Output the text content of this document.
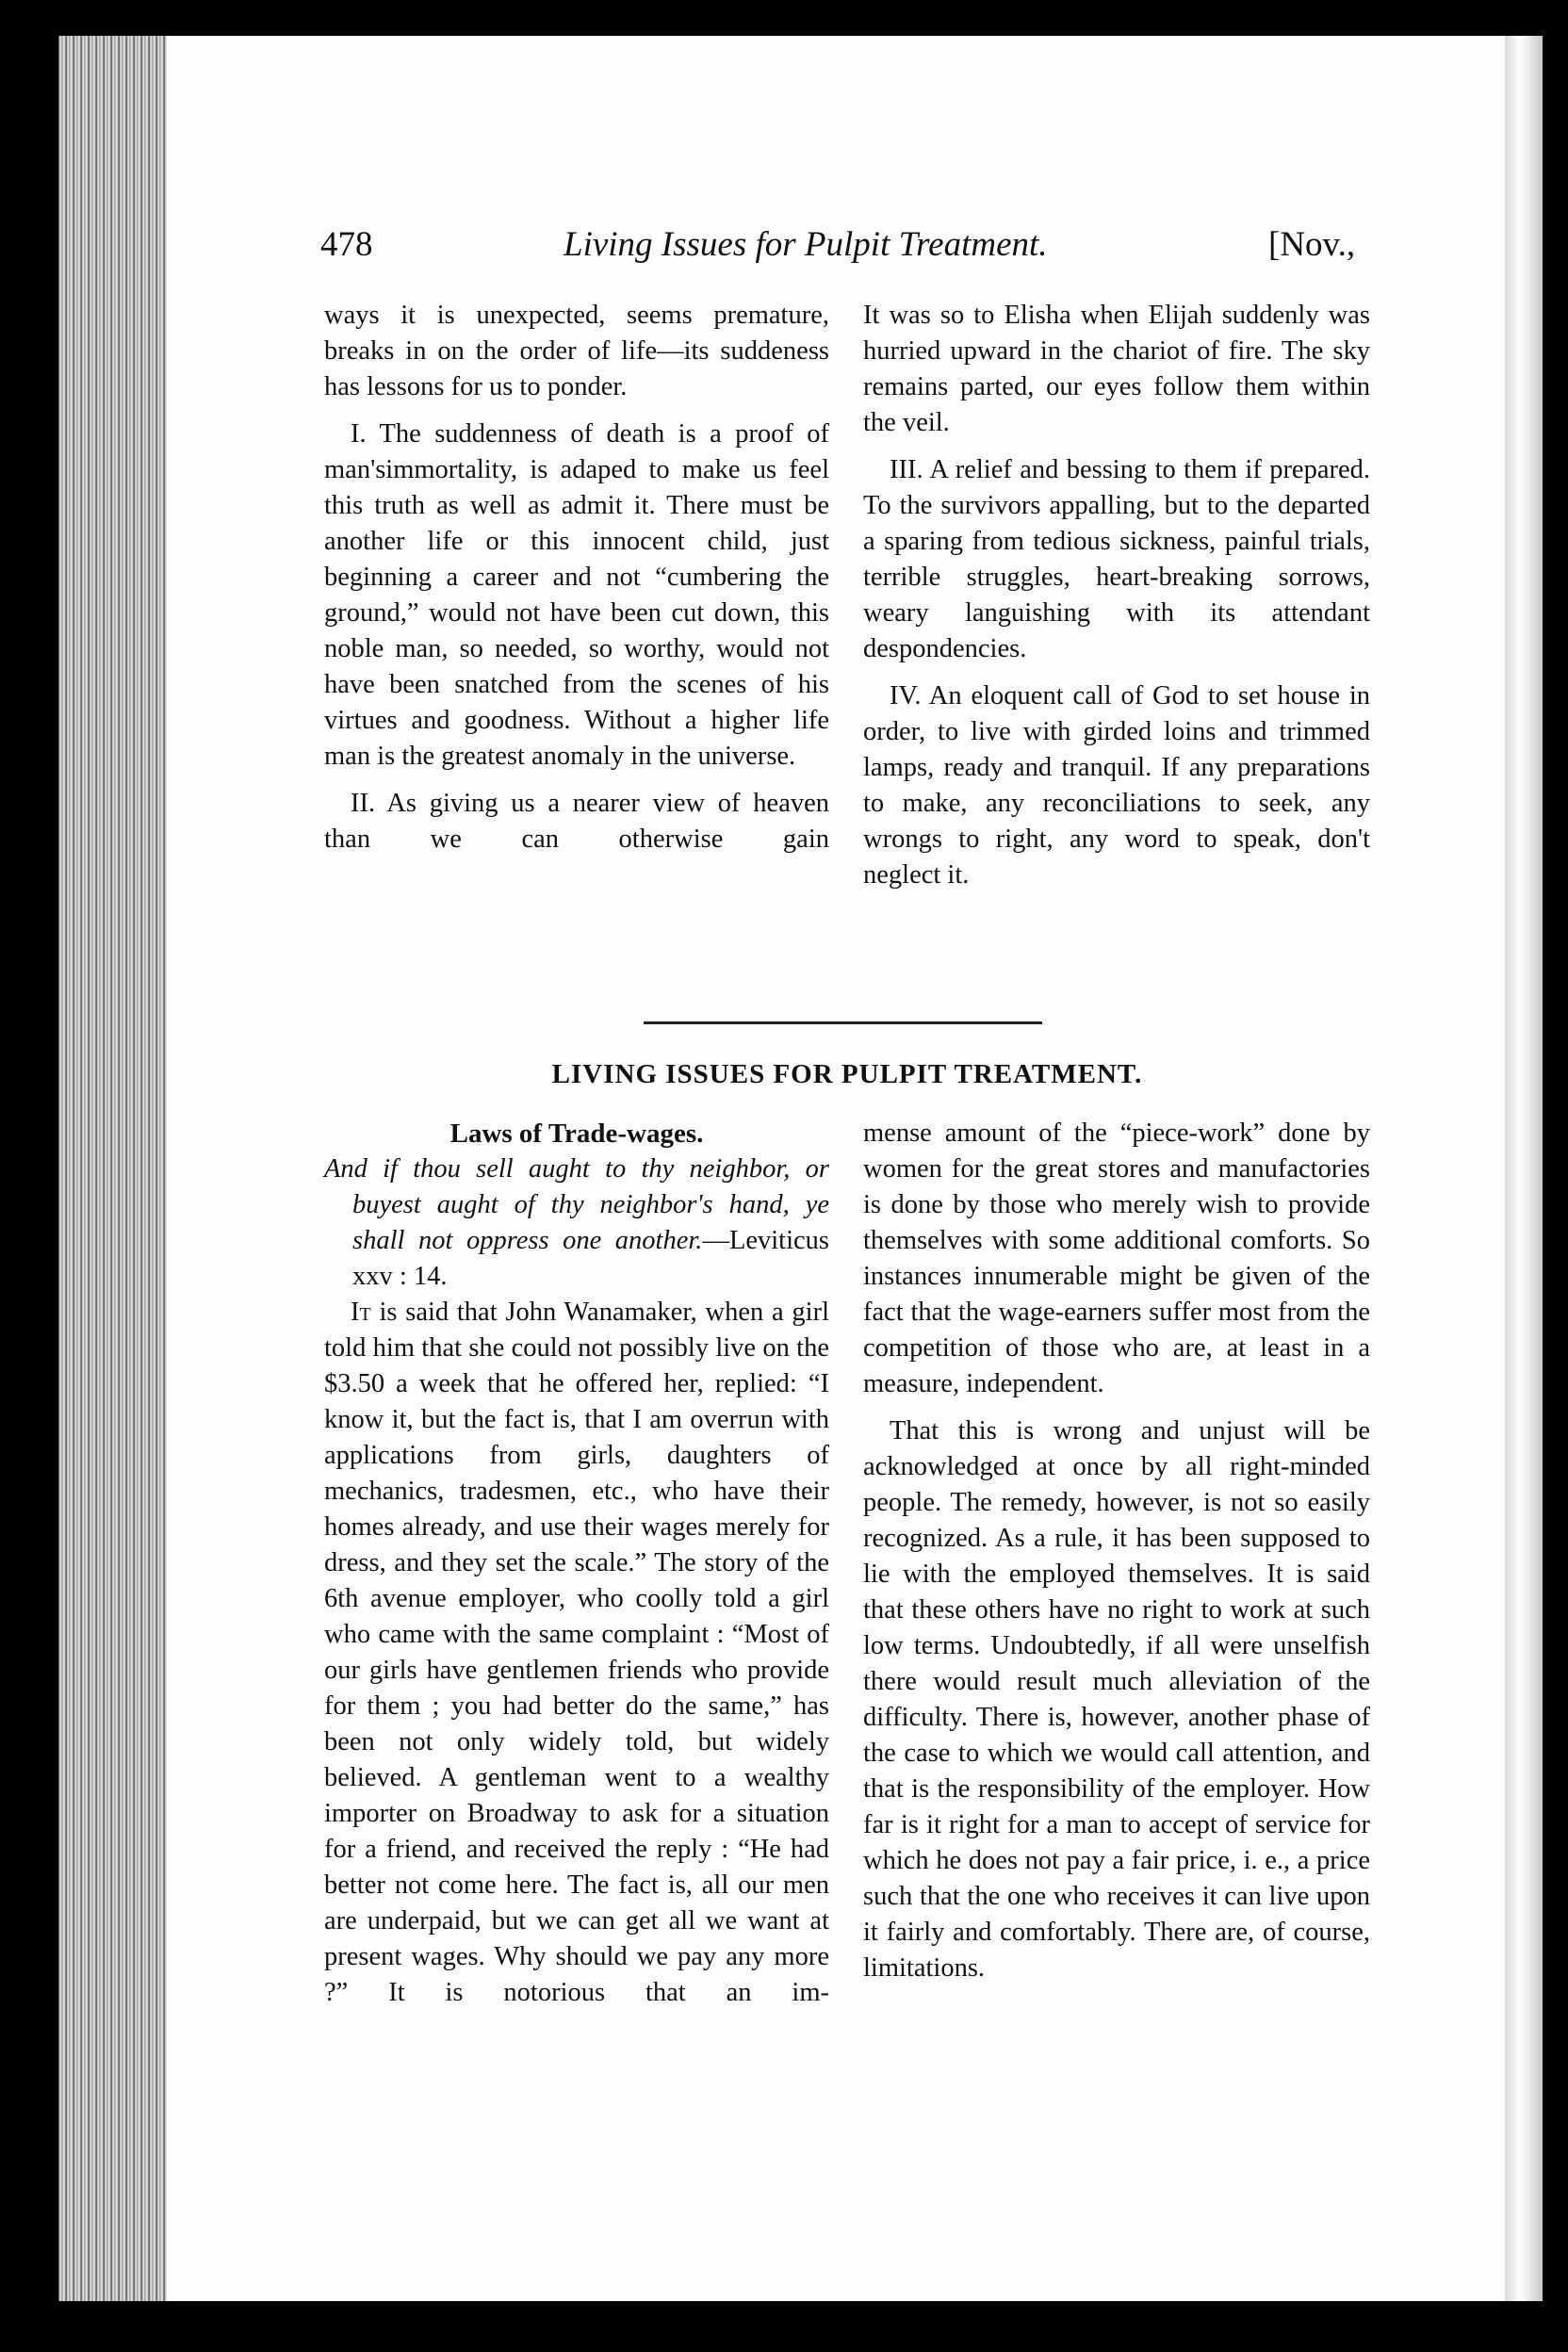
478	Living Issues for Pulpit Treatment.	[Nov.,

ways it is unexpected, seems premature, breaks in on the order of life—its suddeness has lessons for us to ponder.

I. The suddenness of death is a proof of man'simmortality, is adaped to make us feel this truth as well as admit it. There must be another life or this innocent child, just beginning a career and not “cumbering the ground,” would not have been cut down, this noble man, so needed, so worthy, would not have been snatched from the scenes of his virtues and goodness. Without a higher life man is the greatest anomaly in the universe.

II. As giving us a nearer view of heaven than we can otherwise gain

It was so to Elisha when Elijah suddenly was hurried upward in the chariot of fire. The sky remains parted, our eyes follow them within the veil.

III. A relief and bessing to them if prepared. To the survivors appalling, but to the departed a sparing from tedious sickness, painful trials, terrible struggles, heart-breaking sorrows, weary languishing with its attendant despondencies.

IV. An eloquent call of God to set house in order, to live with girded loins and trimmed lamps, ready and tranquil. If any preparations to make, any reconciliations to seek, any wrongs to right, any word to speak, don't neglect it.

LIVING ISSUES FOR PULPIT TREATMENT.

Laws of Trade-wages.

And if thou sell aught to thy neighbor, or buyest aught of thy neighbor's hand, ye shall not oppress one another.—Leviticus xxv : 14.

It is said that John Wanamaker, when a girl told him that she could not possibly live on the $3.50 a week that he offered her, replied: “I know it, but the fact is, that I am overrun with applications from girls, daughters of mechanics, tradesmen, etc., who have their homes already, and use their wages merely for dress, and they set the scale.” The story of the 6th avenue employer, who coolly told a girl who came with the same complaint : “Most of our girls have gentlemen friends who provide for them ; you had better do the same,” has been not only widely told, but widely believed. A gentleman went to a wealthy importer on Broadway to ask for a situation for a friend, and received the reply : “He had better not come here. The fact is, all our men are underpaid, but we can get all we want at present wages. Why should we pay any more ?” It is notorious that an im-

mense amount of the “piece-work” done by women for the great stores and manufactories is done by those who merely wish to provide themselves with some additional comforts. So instances innumerable might be given of the fact that the wage-earners suffer most from the competition of those who are, at least in a measure, independent.

That this is wrong and unjust will be acknowledged at once by all right-minded people. The remedy, however, is not so easily recognized. As a rule, it has been supposed to lie with the employed themselves. It is said that these others have no right to work at such low terms. Undoubtedly, if all were unselfish there would result much alleviation of the difficulty. There is, however, another phase of the case to which we would call attention, and that is the responsibility of the employer. How far is it right for a man to accept of service for which he does not pay a fair price, i. e., a price such that the one who receives it can live upon it fairly and comfortably. There are, of course, limitations.
